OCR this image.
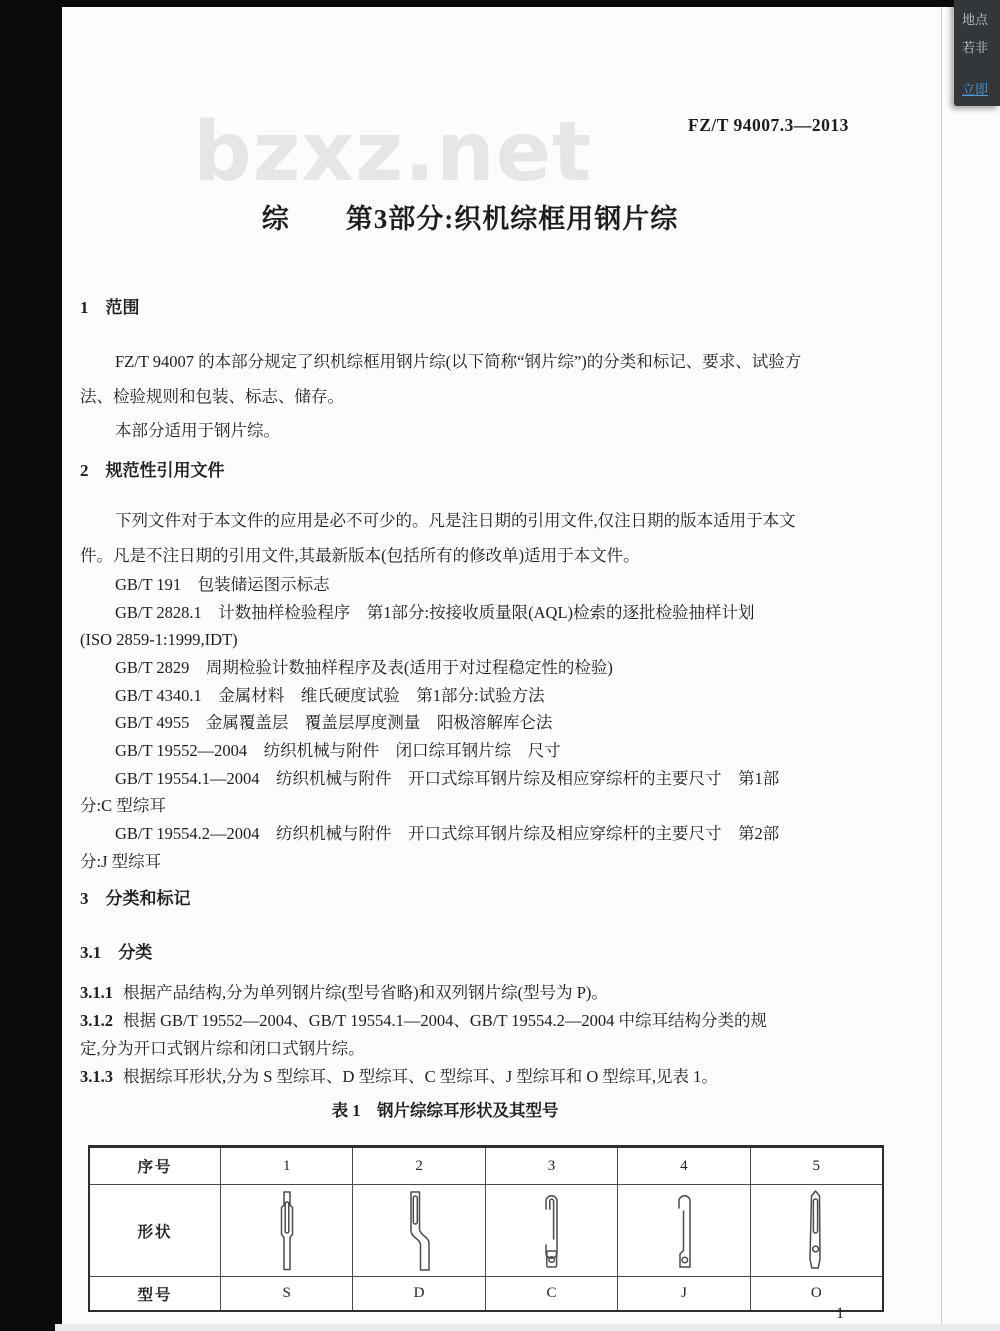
地点
若非
立即
bzxz.net	FZ/T 94007.3—2013
综　　第3部分:织机综框用钢片综
1　范围
FZ/T 94007 的本部分规定了织机综框用钢片综(以下简称“钢片综”)的分类和标记、要求、试验方
法、检验规则和包装、标志、储存。
本部分适用于钢片综。
2　规范性引用文件
下列文件对于本文件的应用是必不可少的。凡是注日期的引用文件,仅注日期的版本适用于本文
件。凡是不注日期的引用文件,其最新版本(包括所有的修改单)适用于本文件。
GB/T 191　包装储运图示标志
GB/T 2828.1　计数抽样检验程序　第1部分:按接收质量限(AQL)检索的逐批检验抽样计划
(ISO 2859-1:1999,IDT)
GB/T 2829　周期检验计数抽样程序及表(适用于对过程稳定性的检验)
GB/T 4340.1　金属材料　维氏硬度试验　第1部分:试验方法
GB/T 4955　金属覆盖层　覆盖层厚度测量　阳极溶解库仑法
GB/T 19552—2004　纺织机械与附件　闭口综耳钢片综　尺寸
GB/T 19554.1—2004　纺织机械与附件　开口式综耳钢片综及相应穿综杆的主要尺寸　第1部
分:C 型综耳
GB/T 19554.2—2004　纺织机械与附件　开口式综耳钢片综及相应穿综杆的主要尺寸　第2部
分:J 型综耳
3　分类和标记
3.1　分类
3.1.1 根据产品结构,分为单列钢片综(型号省略)和双列钢片综(型号为 P)。
3.1.2 根据 GB/T 19552—2004、GB/T 19554.1—2004、GB/T 19554.2—2004 中综耳结构分类的规
定,分为开口式钢片综和闭口式钢片综。
3.1.3 根据综耳形状,分为 S 型综耳、D 型综耳、C 型综耳、J 型综耳和 O 型综耳,见表 1。
表 1　钢片综综耳形状及其型号
序号	1	2	3	4	5
形状
型号	S	D	C	J	O
1
